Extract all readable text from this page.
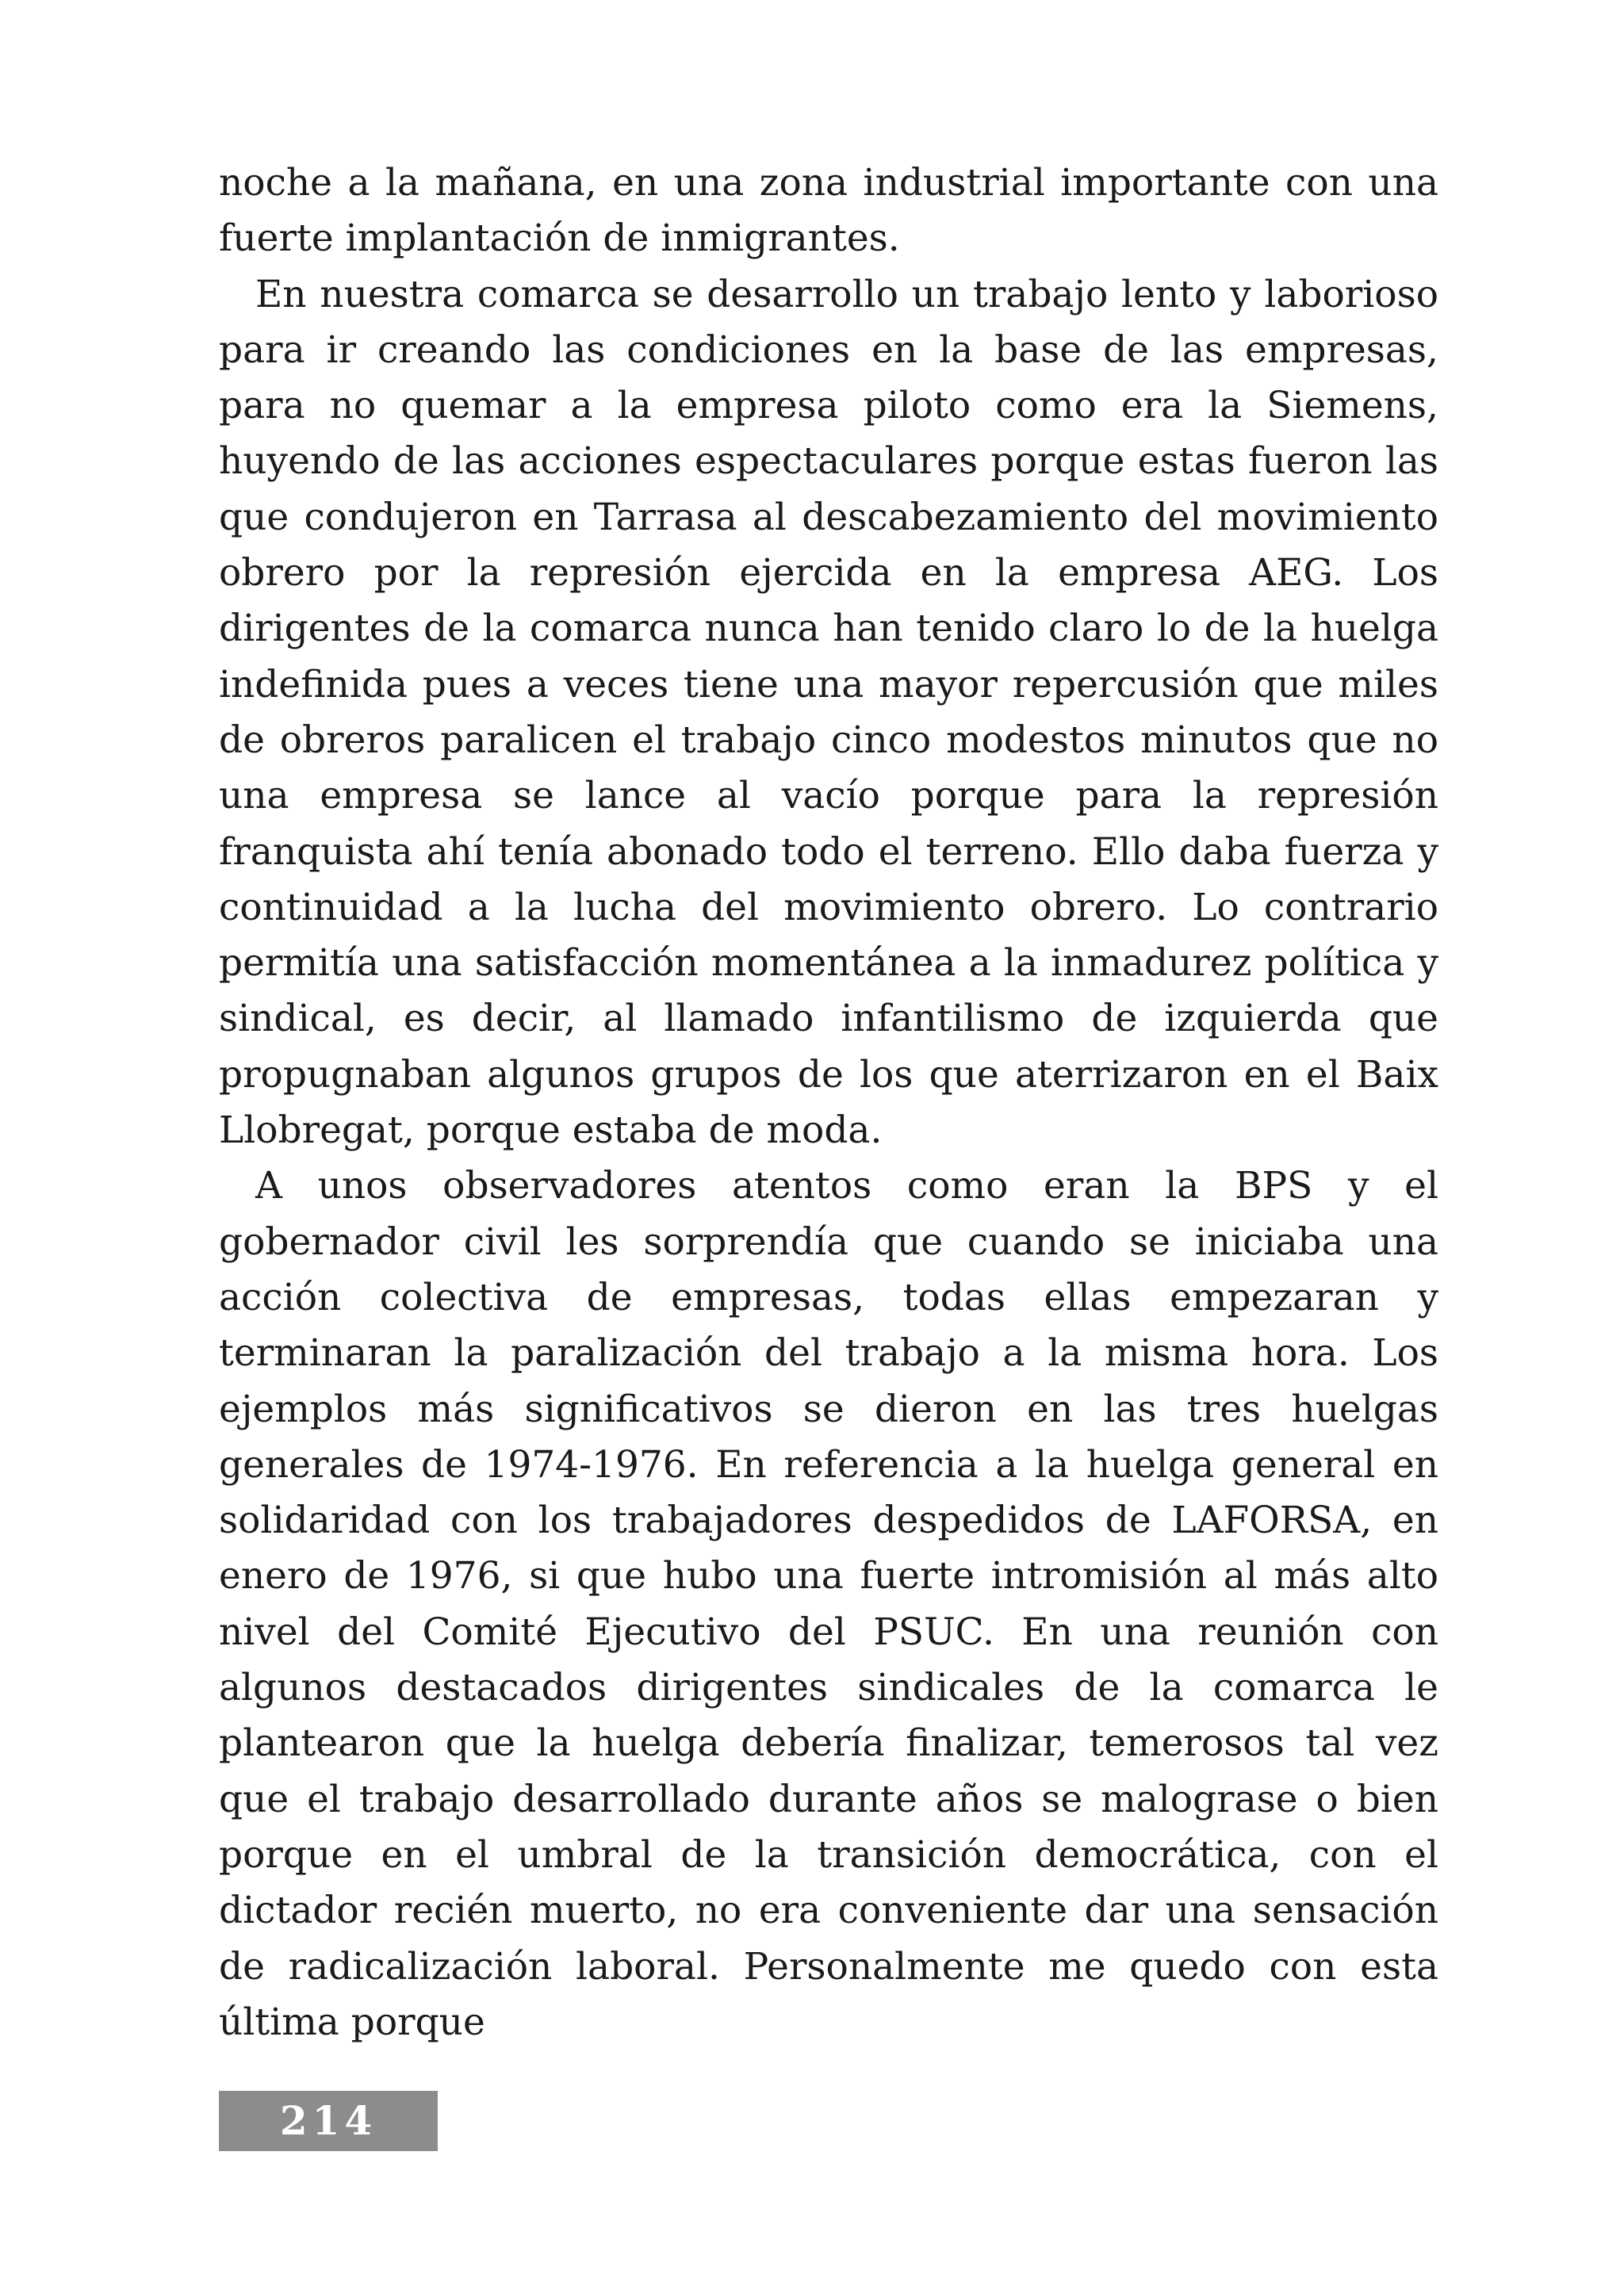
noche a la mañana, en una zona industrial importante con una fuerte implantación de inmigrantes.

En nuestra comarca se desarrollo un trabajo lento y laborioso para ir creando las condiciones en la base de las empresas, para no quemar a la empresa piloto como era la Siemens, huyendo de las acciones espectaculares porque estas fueron las que condujeron en Tarrasa al descabezamiento del movimiento obrero por la represión ejercida en la empresa AEG. Los dirigentes de la comarca nunca han tenido claro lo de la huelga indefinida pues a veces tiene una mayor repercusión que miles de obreros paralicen el trabajo cinco modestos minutos que no una empresa se lance al vacío porque para la represión franquista ahí tenía abonado todo el terreno. Ello daba fuerza y continuidad a la lucha del movimiento obrero. Lo contrario permitía una satisfacción momentánea a la inmadurez política y sindical, es decir, al llamado infantilismo de izquierda que propugnaban algunos grupos de los que aterrizaron en el Baix Llobregat, porque estaba de moda.

A unos observadores atentos como eran la BPS y el gobernador civil les sorprendía que cuando se iniciaba una acción colectiva de empresas, todas ellas empezaran y terminaran la paralización del trabajo a la misma hora. Los ejemplos más significativos se dieron en las tres huelgas generales de 1974-1976. En referencia a la huelga general en solidaridad con los trabajadores despedidos de LAFORSA, en enero de 1976, si que hubo una fuerte intromisión al más alto nivel del Comité Ejecutivo del PSUC. En una reunión con algunos destacados dirigentes sindicales de la comarca le plantearon que la huelga debería finalizar, temerosos tal vez que el trabajo desarrollado durante años se malograse o bien porque en el umbral de la transición democrática, con el dictador recién muerto, no era conveniente dar una sensación de radicalización laboral. Personalmente me quedo con esta última porque

214
